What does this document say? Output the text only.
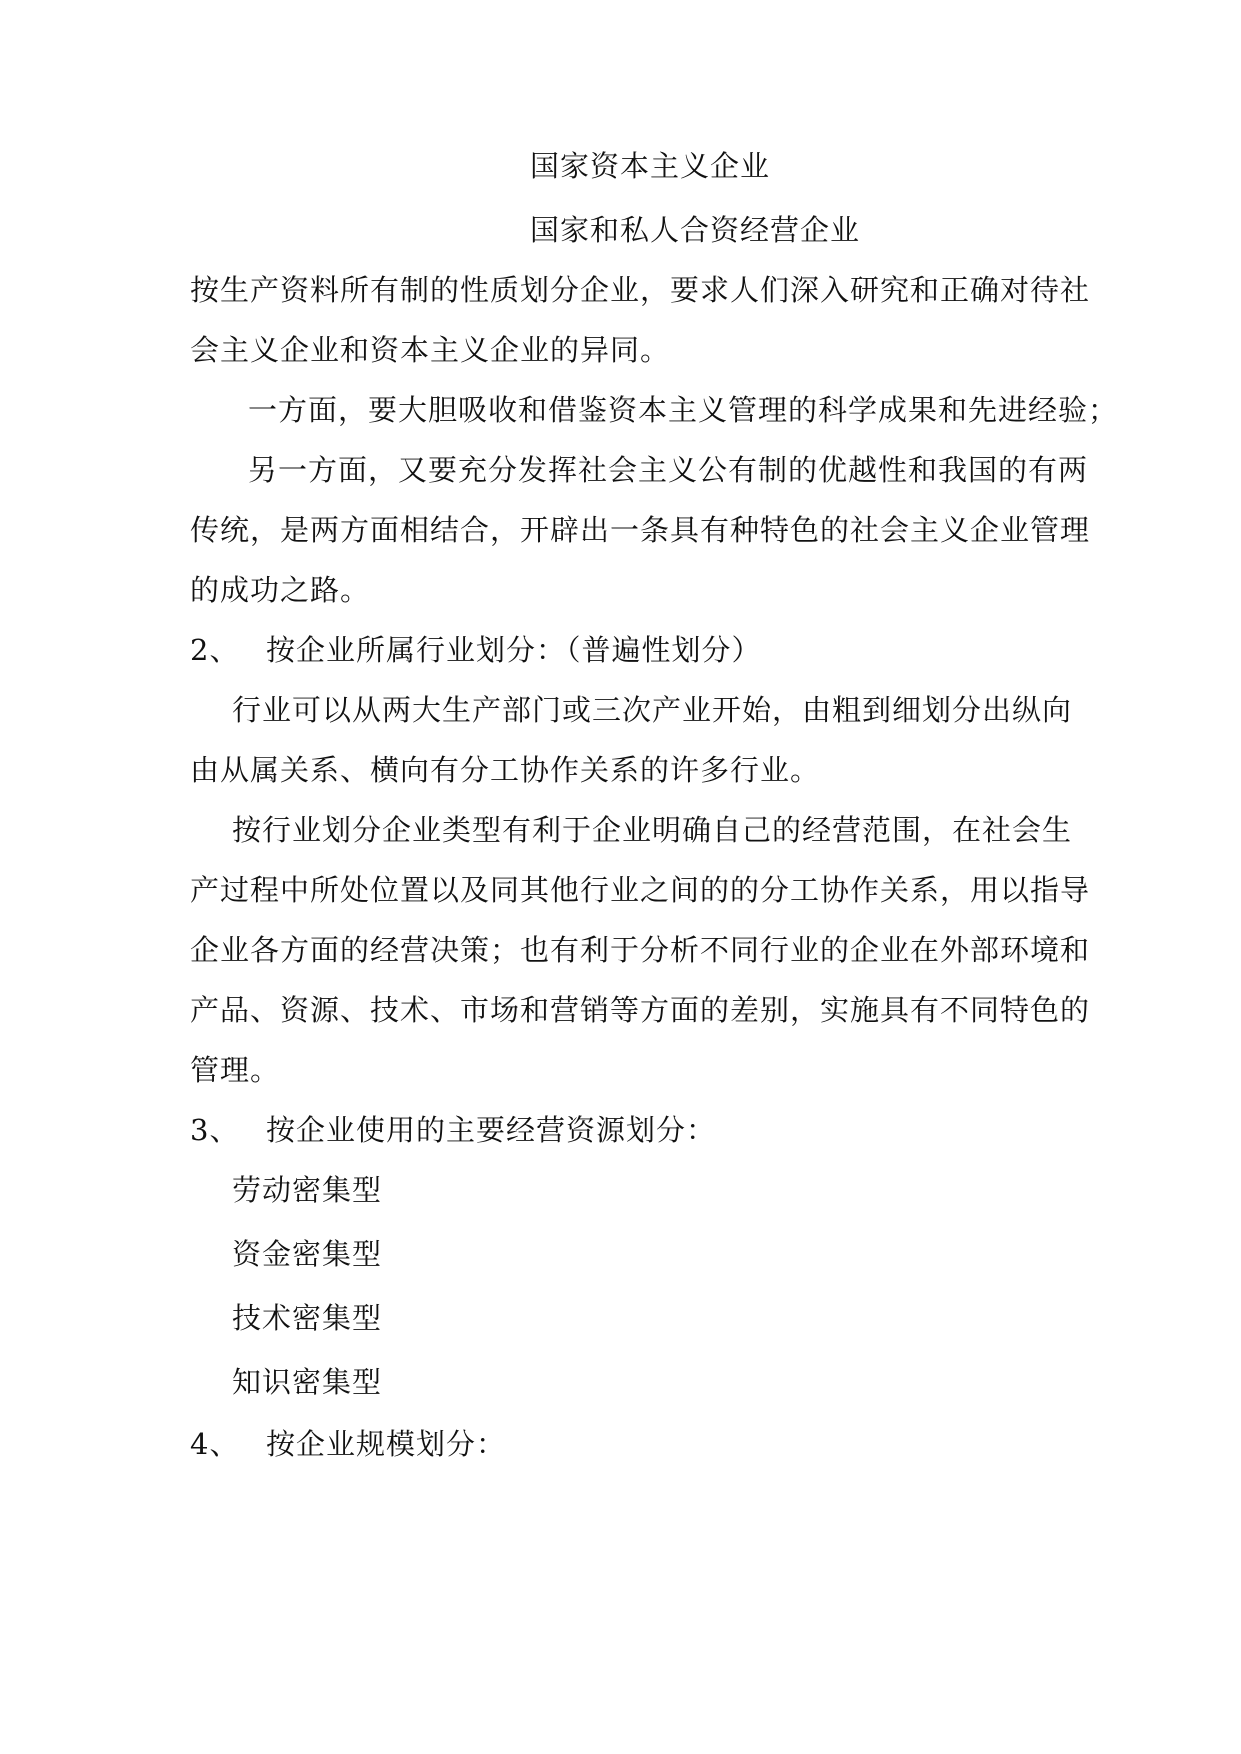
国家资本主义企业
国家和私人合资经营企业
按生产资料所有制的性质划分企业，要求人们深入研究和正确对待社
会主义企业和资本主义企业的异同。
一方面，要大胆吸收和借鉴资本主义管理的科学成果和先进经验；
另一方面，又要充分发挥社会主义公有制的优越性和我国的有两
传统，是两方面相结合，开辟出一条具有种特色的社会主义企业管理
的成功之路。
2、 按企业所属行业划分：（普遍性划分）
行业可以从两大生产部门或三次产业开始，由粗到细划分出纵向
由从属关系、横向有分工协作关系的许多行业。
按行业划分企业类型有利于企业明确自己的经营范围，在社会生
产过程中所处位置以及同其他行业之间的的分工协作关系，用以指导
企业各方面的经营决策；也有利于分析不同行业的企业在外部环境和
产品、资源、技术、市场和营销等方面的差别，实施具有不同特色的
管理。
3、 按企业使用的主要经营资源划分：
劳动密集型
资金密集型
技术密集型
知识密集型
4、 按企业规模划分：
